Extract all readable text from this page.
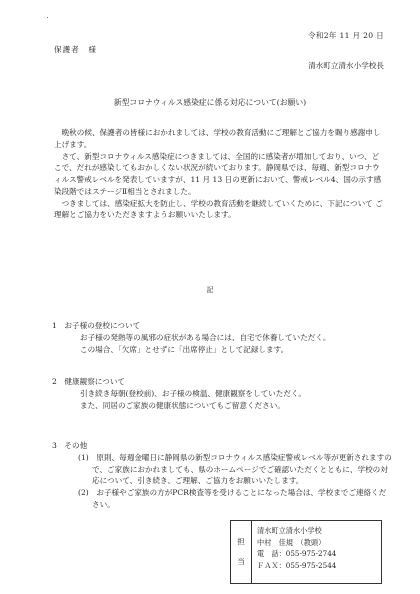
令和2年 11 月 20 日
保護者　様
清水町立清水小学校長
新型コロナウィルス感染症に係る対応について(お願い)

晩秋の候、保護者の皆様におかれましては、学校の教育活動にご理解とご協力を賜り感謝申し上げます。

さて、新型コロナウィルス感染症につきましては、全国的に感染者が増加しており、いつ、どこで、だれが感染してもおかしくない状況が続いております。静岡県では、毎週、新型コロナウィルス警戒レベルを発表していますが、11 月 13 日の更新において、警戒レベル4、国の示す感染段階ではステージⅡ相当とされました。

つきましては、感染症拡大を防止し、学校の教育活動を継続していくために、下記について ご理解とご協力をいただきますようお願いいたします。

記

1　お子様の登校について

お子様の発熱等の風邪の症状がある場合には、自宅で休養していただく。

この場合、「欠席」とせずに「出席停止」として記録します。

2　健康観察について

引き続き毎朝(登校前)、お子様の検温、健康観察をしていただく。

また、同居のご家族の健康状態についてもご留意ください。

3　その他

(1)　原則、毎週金曜日に静岡県の新型コロナウィルス感染症警戒レベル等が更新されますので、ご家族におかれましても、県のホームページでご確認いただくとともに、学校の対応について、引き続き、ご理解、ご協力をお願いいたします。

(2)　お子様やご家族の方がPCR検査等を受けることになった場合は、学校までご連絡ください。

担
当
清水町立清水小学校
中村　佳規　（教頭）
電　話：055-975-2744
ＦＡＸ：055-975-2544
